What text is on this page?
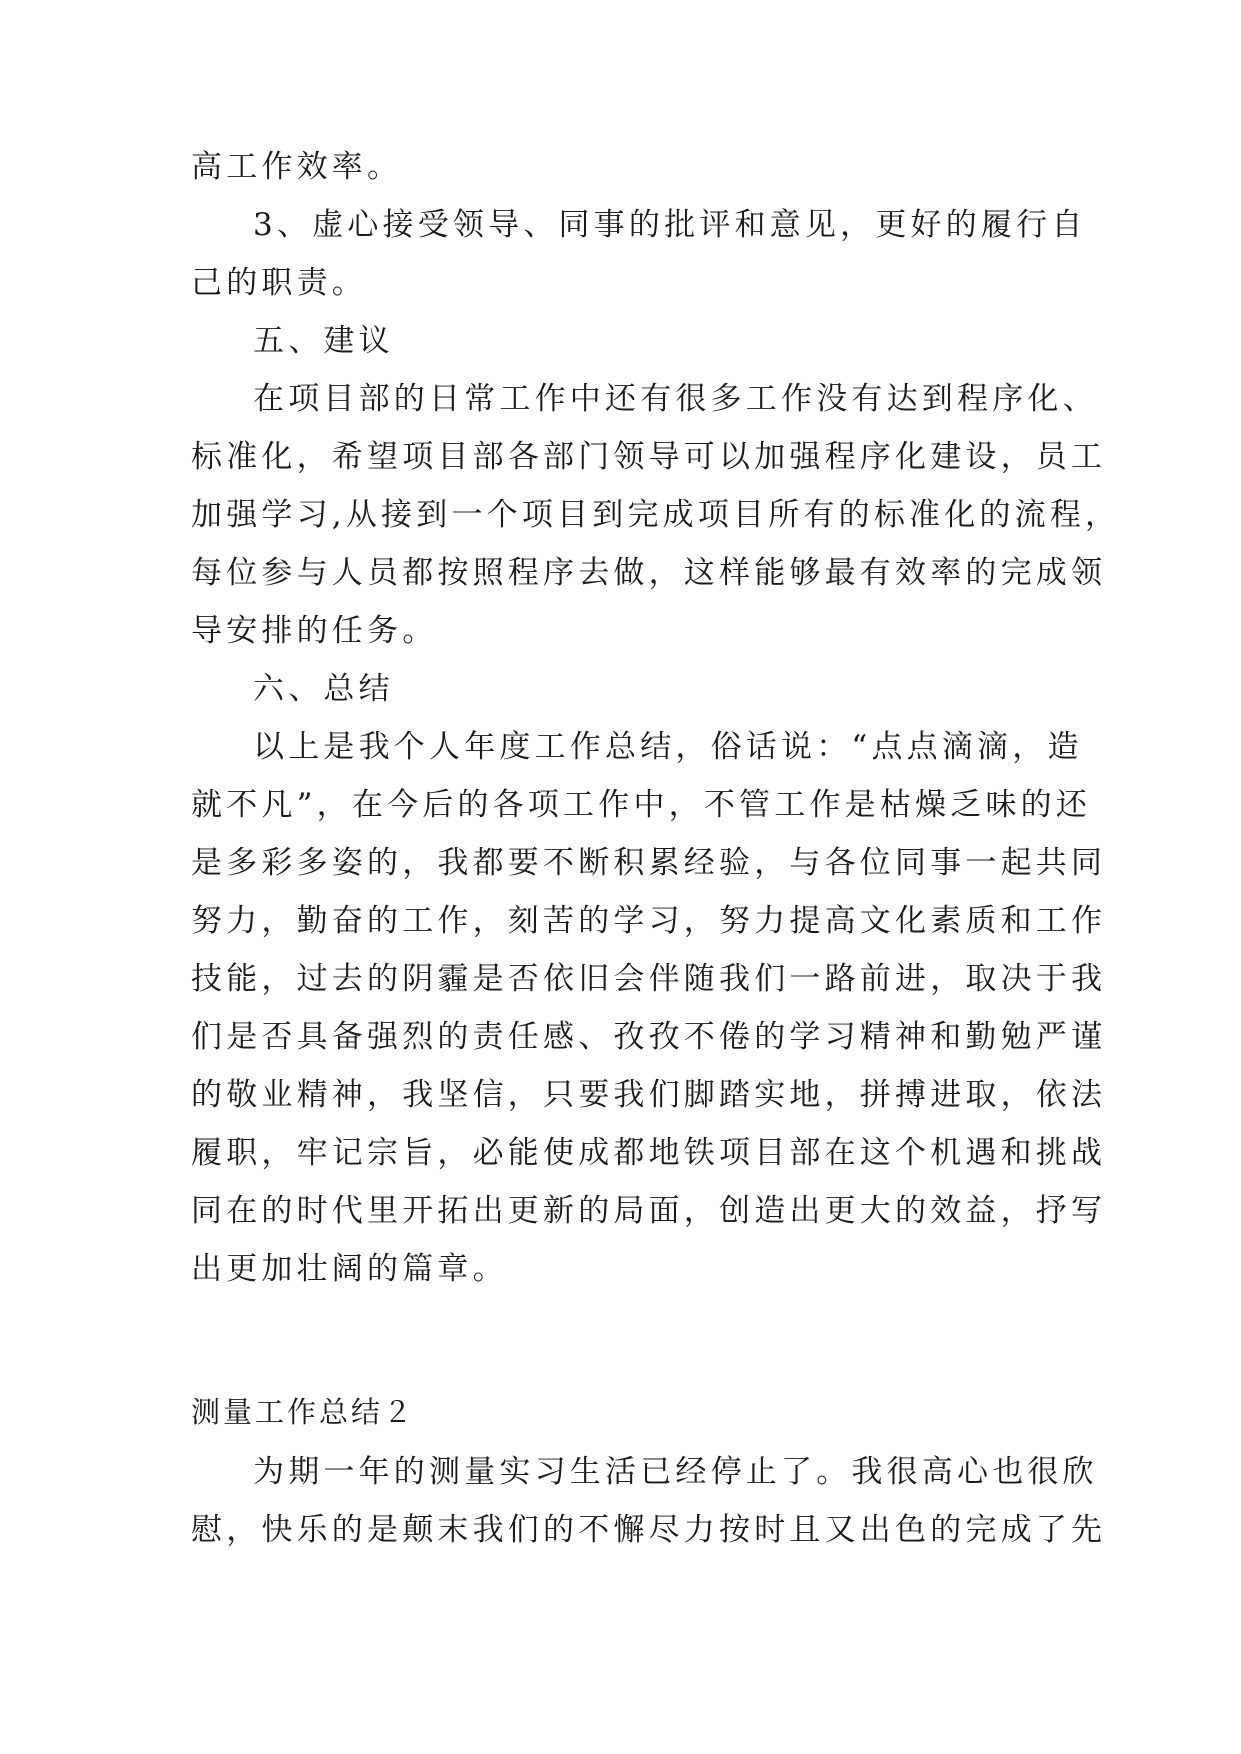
高工作效率。

3、虚心接受领导、同事的批评和意见，更好的履行自
己的职责。

五、建议

在项目部的日常工作中还有很多工作没有达到程序化、
标准化，希望项目部各部门领导可以加强程序化建设，员工
加强学习,从接到一个项目到完成项目所有的标准化的流程，
每位参与人员都按照程序去做，这样能够最有效率的完成领
导安排的任务。

六、总结

以上是我个人年度工作总结，俗话说：“点点滴滴，造
就不凡”，在今后的各项工作中，不管工作是枯燥乏味的还
是多彩多姿的，我都要不断积累经验，与各位同事一起共同
努力，勤奋的工作，刻苦的学习，努力提高文化素质和工作
技能，过去的阴霾是否依旧会伴随我们一路前进，取决于我
们是否具备强烈的责任感、孜孜不倦的学习精神和勤勉严谨
的敬业精神，我坚信，只要我们脚踏实地，拼搏进取，依法
履职，牢记宗旨，必能使成都地铁项目部在这个机遇和挑战
同在的时代里开拓出更新的局面，创造出更大的效益，抒写
出更加壮阔的篇章。

测量工作总结２

为期一年的测量实习生活已经停止了。我很高心也很欣
慰，快乐的是颠末我们的不懈尽力按时且又出色的完成了先
